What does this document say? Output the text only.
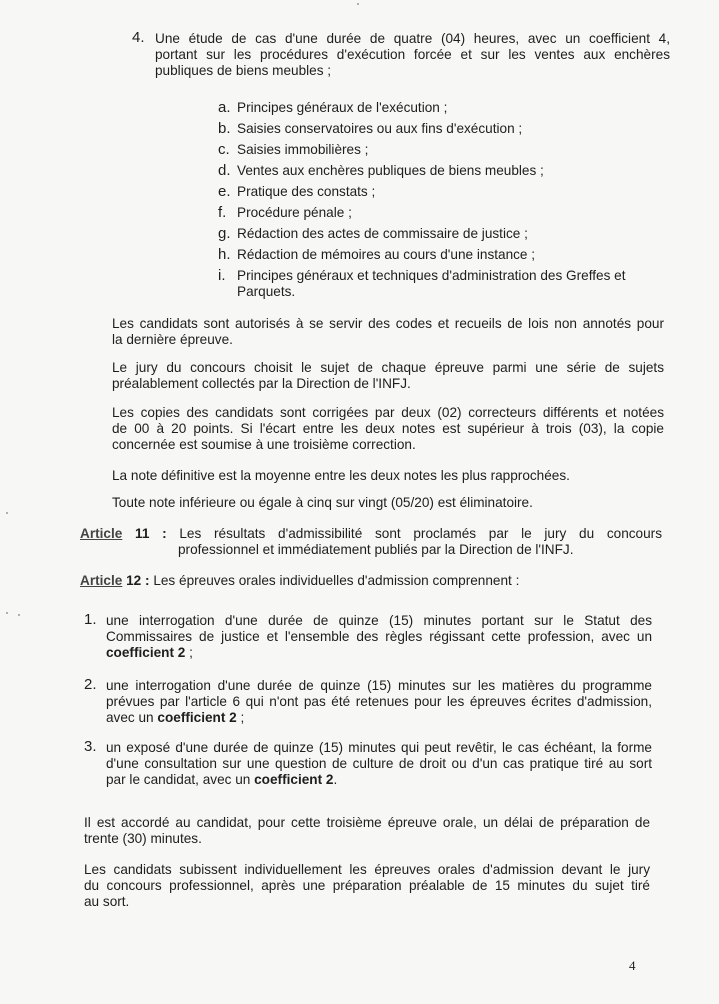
4. Une étude de cas d'une durée de quatre (04) heures, avec un coefficient 4,
portant sur les procédures d'exécution forcée et sur les ventes aux enchères
publiques de biens meubles ;
a. Principes généraux de l'exécution ;
b. Saisies conservatoires ou aux fins d'exécution ;
c. Saisies immobilières ;
d. Ventes aux enchères publiques de biens meubles ;
e. Pratique des constats ;
f. Procédure pénale ;
g. Rédaction des actes de commissaire de justice ;
h. Rédaction de mémoires au cours d'une instance ;
i. Principes généraux et techniques d'administration des Greffes et
Parquets.
Les candidats sont autorisés à se servir des codes et recueils de lois non annotés pour
la dernière épreuve.
Le jury du concours choisit le sujet de chaque épreuve parmi une série de sujets
préalablement collectés par la Direction de l'INFJ.
Les copies des candidats sont corrigées par deux (02) correcteurs différents et notées
de 00 à 20 points. Si l'écart entre les deux notes est supérieur à trois (03), la copie
concernée est soumise à une troisième correction.
La note définitive est la moyenne entre les deux notes les plus rapprochées.
Toute note inférieure ou égale à cinq sur vingt (05/20) est éliminatoire.
Article 11 : Les résultats d'admissibilité sont proclamés par le jury du concours
professionnel et immédiatement publiés par la Direction de l'INFJ.
Article 12 : Les épreuves orales individuelles d'admission comprennent :
1. une interrogation d'une durée de quinze (15) minutes portant sur le Statut des
Commissaires de justice et l'ensemble des règles régissant cette profession, avec un
coefficient 2 ;
2. une interrogation d'une durée de quinze (15) minutes sur les matières du programme
prévues par l'article 6 qui n'ont pas été retenues pour les épreuves écrites d'admission,
avec un coefficient 2 ;
3. un exposé d'une durée de quinze (15) minutes qui peut revêtir, le cas échéant, la forme
d'une consultation sur une question de culture de droit ou d'un cas pratique tiré au sort
par le candidat, avec un coefficient 2.
Il est accordé au candidat, pour cette troisième épreuve orale, un délai de préparation de
trente (30) minutes.
Les candidats subissent individuellement les épreuves orales d'admission devant le jury
du concours professionnel, après une préparation préalable de 15 minutes du sujet tiré
au sort.
4
